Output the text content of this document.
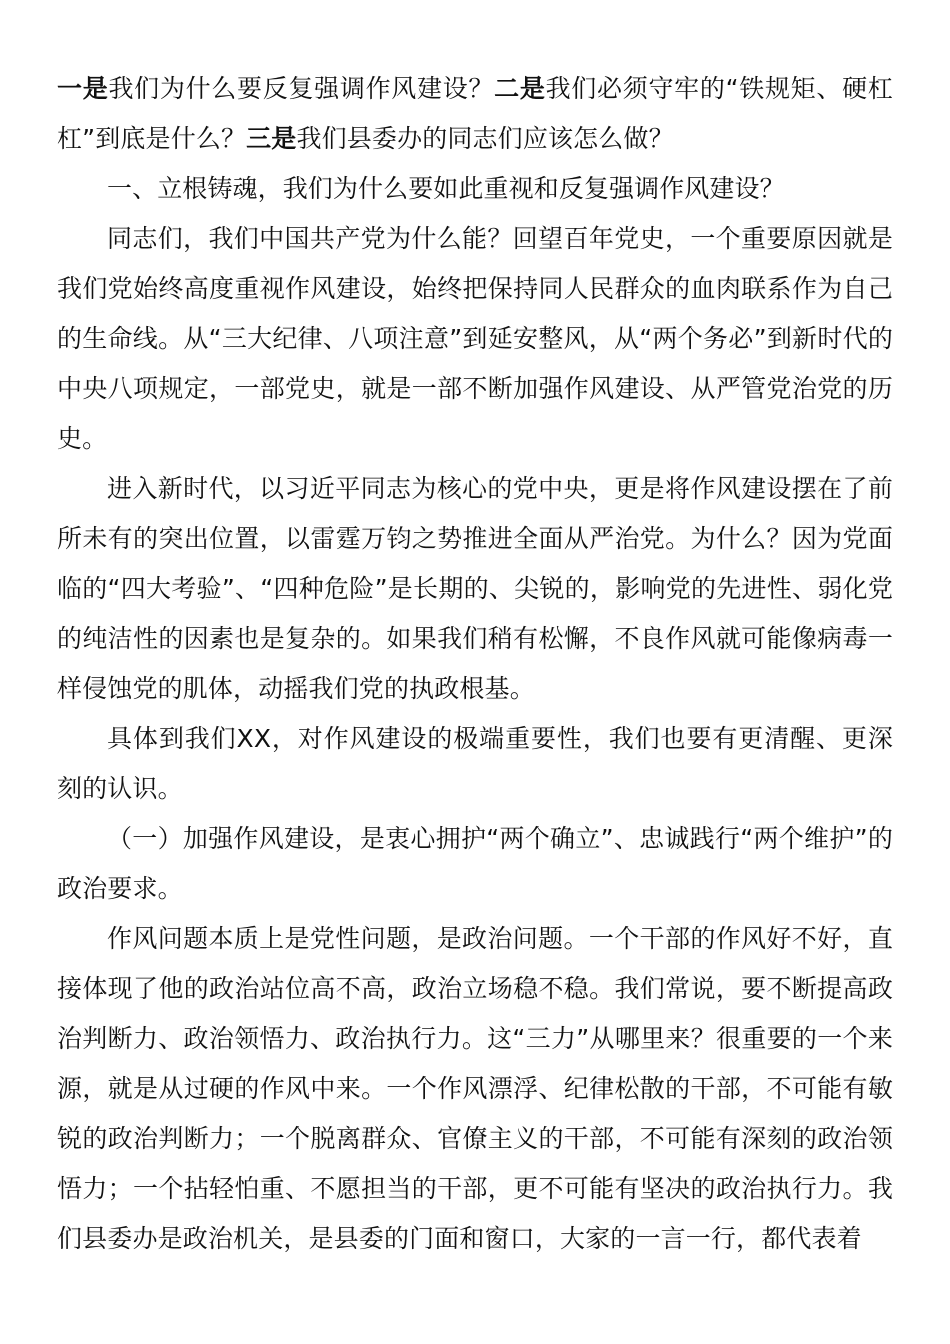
一是我们为什么要反复强调作风建设？二是我们必须守牢的“铁规矩、硬杠杠”到底是什么？三是我们县委办的同志们应该怎么做？

一、立根铸魂，我们为什么要如此重视和反复强调作风建设？

同志们，我们中国共产党为什么能？回望百年党史，一个重要原因就是我们党始终高度重视作风建设，始终把保持同人民群众的血肉联系作为自己的生命线。从“三大纪律、八项注意”到延安整风，从“两个务必”到新时代的中央八项规定，一部党史，就是一部不断加强作风建设、从严管党治党的历史。

进入新时代，以习近平同志为核心的党中央，更是将作风建设摆在了前所未有的突出位置，以雷霆万钧之势推进全面从严治党。为什么？因为党面临的“四大考验”、“四种危险”是长期的、尖锐的，影响党的先进性、弱化党的纯洁性的因素也是复杂的。如果我们稍有松懈，不良作风就可能像病毒一样侵蚀党的肌体，动摇我们党的执政根基。

具体到我们XX，对作风建设的极端重要性，我们也要有更清醒、更深刻的认识。

（一）加强作风建设，是衷心拥护“两个确立”、忠诚践行“两个维护”的政治要求。

作风问题本质上是党性问题，是政治问题。一个干部的作风好不好，直接体现了他的政治站位高不高，政治立场稳不稳。我们常说，要不断提高政治判断力、政治领悟力、政治执行力。这“三力”从哪里来？很重要的一个来源，就是从过硬的作风中来。一个作风漂浮、纪律松散的干部，不可能有敏锐的政治判断力；一个脱离群众、官僚主义的干部，不可能有深刻的政治领悟力；一个拈轻怕重、不愿担当的干部，更不可能有坚决的政治执行力。我们县委办是政治机关，是县委的门面和窗口，大家的一言一行，都代表着
